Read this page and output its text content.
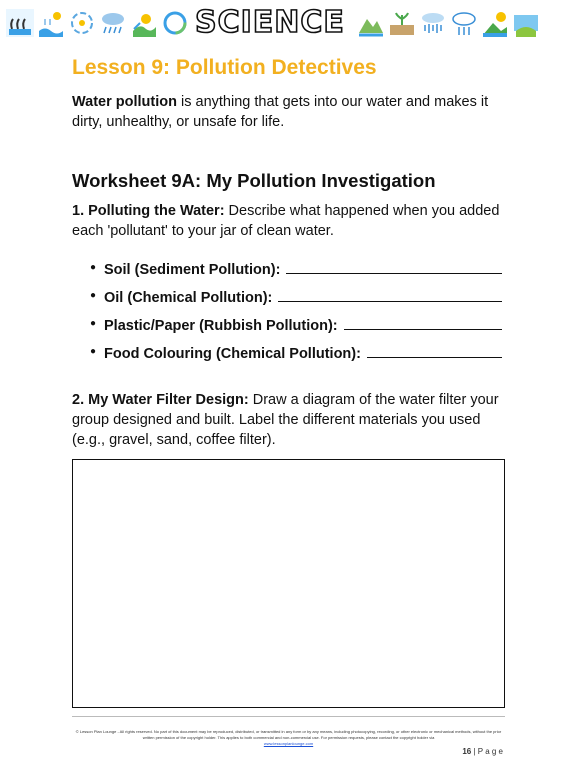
SCIENCE
Lesson 9: Pollution Detectives
Water pollution is anything that gets into our water and makes it dirty, unhealthy, or unsafe for life.
Worksheet 9A: My Pollution Investigation
1. Polluting the Water: Describe what happened when you added each 'pollutant' to your jar of clean water.
● Soil (Sediment Pollution):
● Oil (Chemical Pollution):
● Plastic/Paper (Rubbish Pollution):
● Food Colouring (Chemical Pollution):
2. My Water Filter Design: Draw a diagram of the water filter your group designed and built. Label the different materials you used (e.g., gravel, sand, coffee filter).
© Lesson Plan Lounge - All rights reserved. No part of this document may be reproduced, distributed, or transmitted in any form or by any means, including photocopying, recording, or other electronic or mechanical methods, without the prior written permission of the copyright holder. This applies to both commercial and non-commercial use. For permission requests, please contact the copyright holder via
www.lessonplanlounge.com
16 | P a g e
